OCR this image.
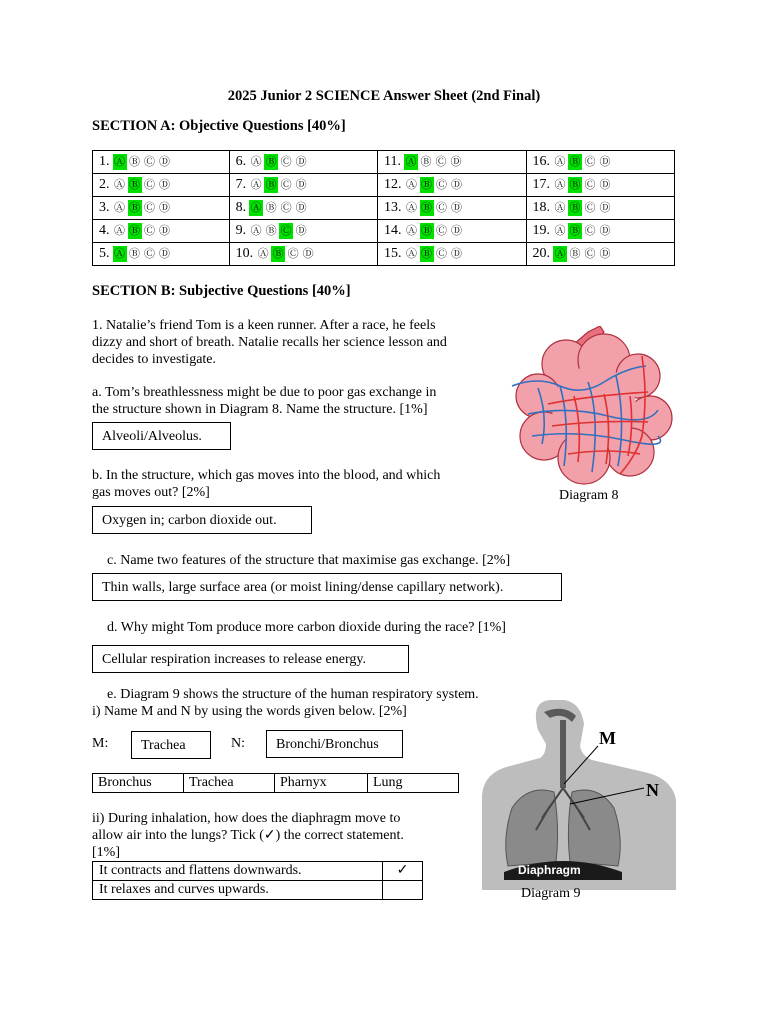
2025 Junior 2 SCIENCE Answer Sheet (2nd Final)
SECTION A: Objective Questions [40%]
1. Ⓐ Ⓑ Ⓒ Ⓓ	6. Ⓐ Ⓑ Ⓒ Ⓓ	11. Ⓐ Ⓑ Ⓒ Ⓓ	16. Ⓐ Ⓑ Ⓒ Ⓓ
2. Ⓐ Ⓑ Ⓒ Ⓓ	7. Ⓐ Ⓑ Ⓒ Ⓓ	12. Ⓐ Ⓑ Ⓒ Ⓓ	17. Ⓐ Ⓑ Ⓒ Ⓓ
3. Ⓐ Ⓑ Ⓒ Ⓓ	8. Ⓐ Ⓑ Ⓒ Ⓓ	13. Ⓐ Ⓑ Ⓒ Ⓓ	18. Ⓐ Ⓑ Ⓒ Ⓓ
4. Ⓐ Ⓑ Ⓒ Ⓓ	9. Ⓐ Ⓑ Ⓒ Ⓓ	14. Ⓐ Ⓑ Ⓒ Ⓓ	19. Ⓐ Ⓑ Ⓒ Ⓓ
5. Ⓐ Ⓑ Ⓒ Ⓓ	10. Ⓐ Ⓑ Ⓒ Ⓓ	15. Ⓐ Ⓑ Ⓒ Ⓓ	20. Ⓐ Ⓑ Ⓒ Ⓓ
SECTION B: Subjective Questions [40%]
1. Natalie’s friend Tom is a keen runner. After a race, he feels
dizzy and short of breath. Natalie recalls her science lesson and
decides to investigate.
a. Tom’s breathlessness might be due to poor gas exchange in
the structure shown in Diagram 8. Name the structure. [1%]
Alveoli/Alveolus.
b. In the structure, which gas moves into the blood, and which
gas moves out? [2%]
Oxygen in; carbon dioxide out.
c. Name two features of the structure that maximise gas exchange. [2%]
Thin walls, large surface area (or moist lining/dense capillary network).
d. Why might Tom produce more carbon dioxide during the race? [1%]
Cellular respiration increases to release energy.
e. Diagram 9 shows the structure of the human respiratory system.
i) Name M and N by using the words given below. [2%]
M:	Trachea	N:	Bronchi/Bronchus
Bronchus	Trachea	Pharnyx	Lung
ii) During inhalation, how does the diaphragm move to
allow air into the lungs? Tick (✓) the correct statement.
[1%]
It contracts and flattens downwards.	✓
It relaxes and curves upwards.	
Diagram 8
M
N
Diaphragm
Diagram 9
